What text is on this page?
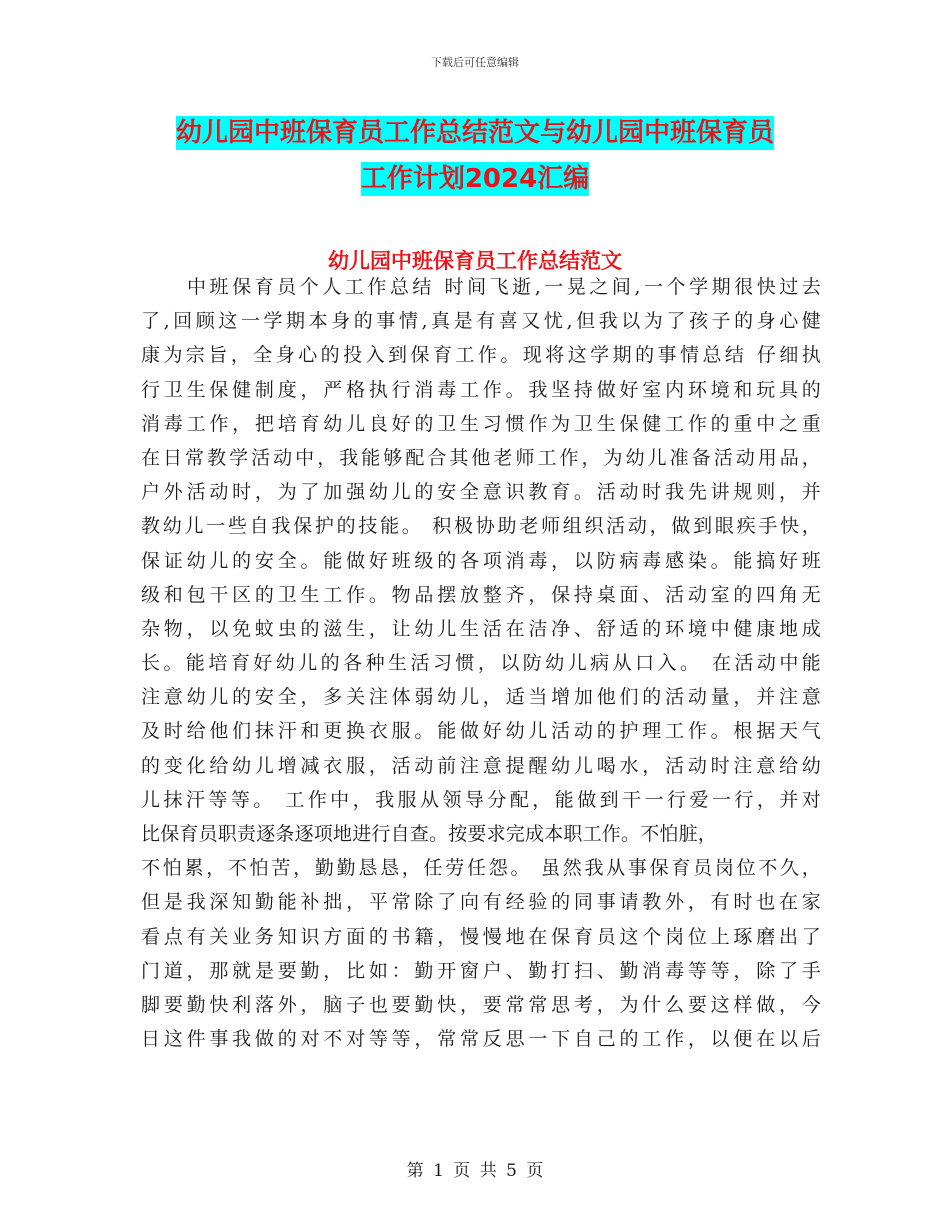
下载后可任意编辑
幼儿园中班保育员工作总结范文与幼儿园中班保育员
工作计划2024汇编
幼儿园中班保育员工作总结范文
中班保育员个人工作总结 时间飞逝,一晃之间,一个学期很快过去
了,回顾这一学期本身的事情,真是有喜又忧,但我以为了孩子的身心健
康为宗旨，全身心的投入到保育工作。现将这学期的事情总结 仔细执
行卫生保健制度，严格执行消毒工作。我坚持做好室内环境和玩具的
消毒工作，把培育幼儿良好的卫生习惯作为卫生保健工作的重中之重
在日常教学活动中，我能够配合其他老师工作，为幼儿准备活动用品，
户外活动时，为了加强幼儿的安全意识教育。活动时我先讲规则，并
教幼儿一些自我保护的技能。 积极协助老师组织活动，做到眼疾手快，
保证幼儿的安全。能做好班级的各项消毒，以防病毒感染。能搞好班
级和包干区的卫生工作。物品摆放整齐，保持桌面、活动室的四角无
杂物，以免蚊虫的滋生，让幼儿生活在洁净、舒适的环境中健康地成
长。能培育好幼儿的各种生活习惯，以防幼儿病从口入。 在活动中能
注意幼儿的安全，多关注体弱幼儿，适当增加他们的活动量，并注意
及时给他们抹汗和更换衣服。能做好幼儿活动的护理工作。根据天气
的变化给幼儿增减衣服，活动前注意提醒幼儿喝水，活动时注意给幼
儿抹汗等等。 工作中，我服从领导分配，能做到干一行爱一行，并对
比保育员职责逐条逐项地进行自查。按要求完成本职工作。不怕脏，
不怕累，不怕苦，勤勤恳恳，任劳任怨。 虽然我从事保育员岗位不久，
但是我深知勤能补拙，平常除了向有经验的同事请教外，有时也在家
看点有关业务知识方面的书籍，慢慢地在保育员这个岗位上琢磨出了
门道，那就是要勤，比如：勤开窗户、勤打扫、勤消毒等等，除了手
脚要勤快利落外，脑子也要勤快，要常常思考，为什么要这样做，今
日这件事我做的对不对等等，常常反思一下自己的工作，以便在以后
第 1 页 共 5 页
